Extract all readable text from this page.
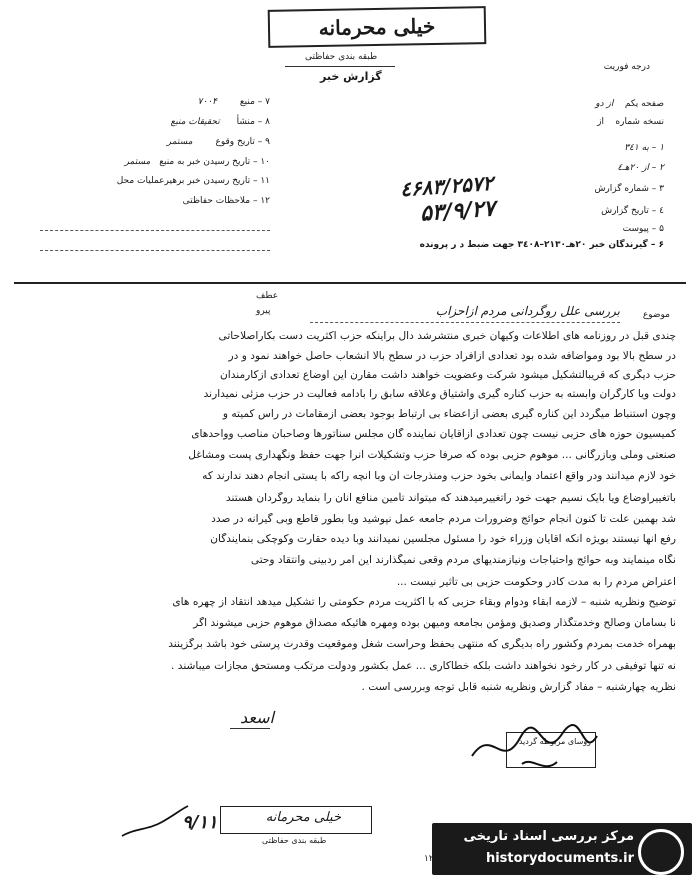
خیلی محرمانه
طبقه بندی حفاظتی
گزارش خبر
درجه فوریت
۷ – منبع ۷۰۰۴
۸ – منشأ تحقیقات منبع
۹ – تاریخ وقوع مستمر
۱۰ – تاریخ رسیدن خبر به منبع مستمر
۱۱ – تاریخ رسیدن خبر برهیرعملیات محل
۱۲ – ملاحظات حفاظتی
صفحه یکم    از دو
نسخه شماره    از
۱ – به ۳٤۱
۲ – از ۲٠هـ٤
۳ – شماره گزارش
٤ – تاریخ گزارش
۵ – پیوست
۶ – گیرندگان خبر ۲٠هـ۲۱۳٠–۳٤٠٨ جهت ضبط د ر پرونده
۲۵۷۲/٤۶۸۳
۵۳/۹/۲۷
عطف
پیرو	موضوع
بررسی علل روگردانی مردم ازاحزاب
چندی قبل در روزنامه های اطلاعات وکیهان خبری منتشرشد دال براینکه حزب اکثریت دست بکاراصلاحاتی
در سطح بالا بود ومواضافه شده بود تعدادی ازافراد حزب در سطح بالا انشعاب حاصل خواهند نمود و در
حزب دیگری که قریبالتشکیل میشود شرکت وعضویت خواهند داشت مقارن این اوضاع تعدادی ازکارمندان
دولت ویا کارگران وابسته به حزب کناره گیری واشتیاق وعلاقه سابق را بادامه فعالیت در حزب مزئی نمیدارند
وچون استنباط میگردد این کناره گیری بعضی ازاعضاء بی ارتباط بوجود بعضی ازمقامات در راس کمیته و
کمیسیون حوزه های حزبی نیست چون تعدادی ازآقایان نماینده گان مجلس سناتورها وصاحبان مناصب وواحدهای
صنعتی وملی وبازرگانی ... موهوم حزبی بوده که صرفاً حزب وتشکیلات آنرا جهت حفظ ونگهداری پست ومشاغل
خود لازم میدانند ودر واقع اعتماد وایمانی بخود حزب ومنذرجات آن وبا آنچه راکه با یستی انجام دهند ندارند که
باتغییراوضاع ویا بایک نسیم جهت خود راتغییرمیدهند که میتواند تأمین منافع آنان را بنماید روگردان هستند
شد بهمین علت تا کنون انجام حوائج وضرورات مردم جامعه عمل نپوشید ویا بطور قاطع وبی گیرانه در صدد
رفع آنها نیستند بویژه آنکه آقایان وزراء خود را مسئول مجلسین نمیدانند وبا دیده حقارت وکوچکی بنمایندگان
نگاه مینمایند وبه حوائج واحتیاجات ونیازمندیهای مردم وقعی نمیگذارند این امر ردبینی وانتقاد وحتی
اعتراض مردم را به مدت کادر وحکومت حزبی بی تأثیر نیست ...
توضیح ونظریه شنبه – لازمه ابقاء ودوام وبقاء حزبی که با اکثریت مردم حکومتی را تشکیل میدهد انتقاد از چهره های
نا بسامان وصالح وخدمتگذار وصدیق ومؤمن بجامعه ومیهن بوده ومهره هائیکه مصداق موهوم حزبی میشوند اگر
بهمراه خدمت بمردم وکشور راه بدیگری که منتهی بحفظ وحراست شغل وموقعیت وقدرت پرستی خود باشد برگزینند
نه تنها توفیقی در کار رخود نخواهند داشت بلکه خطاکاری ... عمل بکشور ودولت مرتکب ومستحق مجازات میباشند .
نظریه چهارشنبه – مفاد گزارش ونظریه شنبه قابل توجه وبررسی است .
اسعد
روسای مربوطه گردید
۹/۱۱	خیلی محرمانه
طبقه بندی حفاظتی	مرکز بررسی اسناد تاریخی
historydocuments.ir
۱۲۰
